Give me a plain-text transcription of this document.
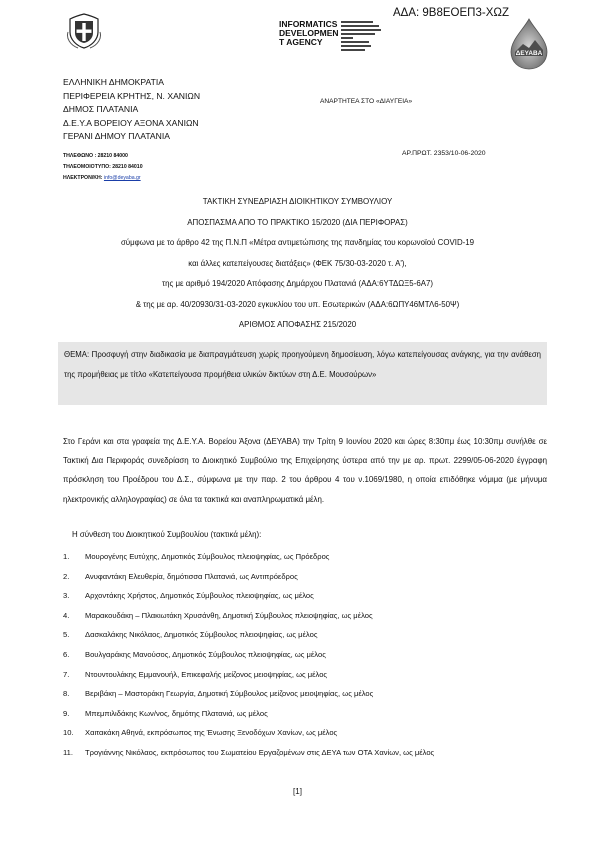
ΑΔΑ: 9Β8ΕΟΕΠ3-ΧΩΖ
INFORMATICS
DEVELOPMEN
T AGENCY
ΔΕΥΑΒΑ
ΕΛΛΗΝΙΚΗ ΔΗΜΟΚΡΑΤΙΑ
ΠΕΡΙΦΕΡΕΙΑ ΚΡΗΤΗΣ, Ν. ΧΑΝΙΩΝ
ΔΗΜΟΣ ΠΛΑΤΑΝΙΑ
Δ.Ε.Υ.Α ΒΟΡΕΙΟΥ ΑΞΟΝΑ ΧΑΝΙΩΝ
ΓΕΡΑΝΙ ΔΗΜΟΥ ΠΛΑΤΑΝΙΑ
ΤΗΛΕΦΩΝΟ : 28210 84000
ΤΗΛΕΟΜΟΙΟΤΥΠΟ: 28210 84010
ΗΛΕΚΤΡΟΝ/ΚΗ: info@deyaba.gr
ΑΝΑΡΤΗΤΕΑ ΣΤΟ «ΔΙΑΥΓΕΙΑ»
ΑΡ.ΠΡΩΤ. 2353/10-06-2020
ΤΑΚΤΙΚΗ ΣΥΝΕΔΡΙΑΣΗ ΔΙΟΙΚΗΤΙΚΟΥ ΣΥΜΒΟΥΛΙΟΥ
ΑΠΟΣΠΑΣΜΑ ΑΠΟ ΤΟ ΠΡΑΚΤΙΚΟ 15/2020 (ΔΙΑ ΠΕΡΙΦΟΡΑΣ)
σύμφωνα με το άρθρο 42 της Π.Ν.Π «Μέτρα αντιμετώπισης της πανδημίας του κορωνοϊού COVID-19
και άλλες κατεπείγουσες διατάξεις» (ΦΕΚ 75/30-03-2020 τ. Α'),
της με αριθμό 194/2020 Απόφασης Δημάρχου Πλατανιά (ΑΔΑ:6ΥΤΔΩΞ5-6Α7)
& της με αρ. 40/20930/31-03-2020 εγκυκλίου του υπ. Εσωτερικών (ΑΔΑ:6ΩΠΥ46ΜΤΛ6-50Ψ)
ΑΡΙΘΜΟΣ ΑΠΟΦΑΣΗΣ 215/2020
ΘΕΜΑ: Προσφυγή στην διαδικασία με διαπραγμάτευση χωρίς προηγούμενη δημοσίευση, λόγω κατεπείγουσας ανάγκης, για την ανάθεση της προμήθειας με τίτλο «Κατεπείγουσα προμήθεια υλικών δικτύων στη Δ.Ε. Μουσούρων»
Στο Γεράνι και στα γραφεία της Δ.Ε.Υ.Α. Βορείου Άξονα (ΔΕΥΑΒΑ) την Τρίτη 9 Ιουνίου 2020 και ώρες 8:30πμ έως 10:30πμ συνήλθε σε Τακτική Δια Περιφοράς συνεδρίαση το Διοικητικό Συμβούλιο της Επιχείρησης ύστερα από την με αρ. πρωτ. 2299/05-06-2020 έγγραφη πρόσκληση του Προέδρου του Δ.Σ., σύμφωνα με την παρ. 2 του άρθρου 4 του ν.1069/1980, η οποία επιδόθηκε νόμιμα (με μήνυμα ηλεκτρονικής αλληλογραφίας) σε όλα τα τακτικά και αναπληρωματικά μέλη.
Η σύνθεση του Διοικητικού Συμβουλίου (τακτικά μέλη):
1. Μουρογένης Ευτύχης, Δημοτικός Σύμβουλος πλειοψηφίας, ως Πρόεδρος
2. Ανυφαντάκη Ελευθερία, δημότισσα Πλατανιά, ως Αντιπρόεδρος
3. Αρχοντάκης Χρήστος, Δημοτικός Σύμβουλος πλειοψηφίας, ως μέλος
4. Μαρακουδάκη – Πλακιωτάκη Χρυσάνθη, Δημοτική Σύμβουλος πλειοψηφίας, ως μέλος
5. Δασκαλάκης Νικόλαος, Δημοτικός Σύμβουλος πλειοψηφίας, ως μέλος
6. Βουλγαράκης Μανούσος, Δημοτικός Σύμβουλος πλειοψηφίας, ως μέλος
7. Ντουντουλάκης Εμμανουήλ, Επικεφαλής μείζονος μειοψηφίας, ως μέλος
8. Βεριβάκη – Μαστοράκη Γεωργία, Δημοτική Σύμβουλος μείζονος μειοψηφίας, ως μέλος
9. Μπεμπιλιδάκης Κων/νος, δημότης Πλατανιά, ως μέλος
10. Χαιτακάκη Αθηνά, εκπρόσωπος της Ένωσης Ξενοδόχων Χανίων, ως μέλος
11. Τρογιάννης Νικόλαος, εκπρόσωπος του Σωματείου Εργαζομένων στις ΔΕΥΑ των ΟΤΑ Χανίων, ως μέλος
[1]
